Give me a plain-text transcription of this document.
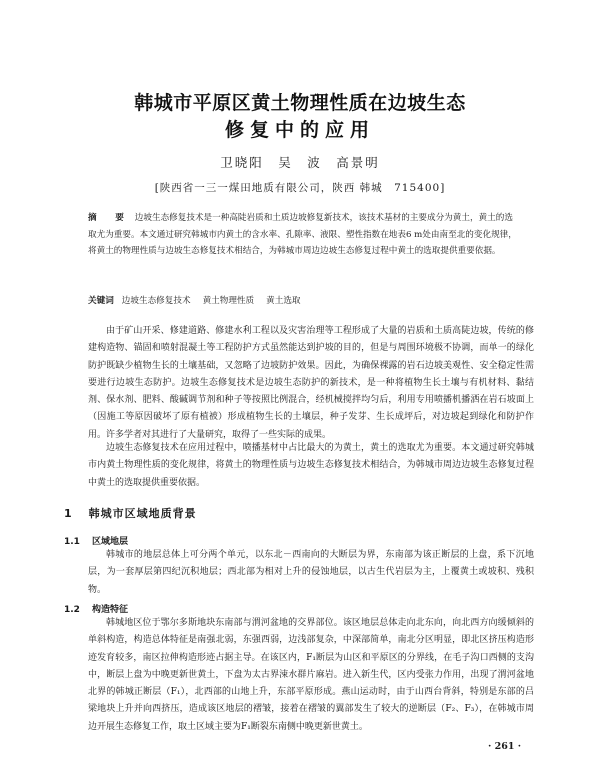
韩城市平原区黄土物理性质在边坡生态
修复中的应用
卫晓阳　吴　波　高景明
[陕西省一三一煤田地质有限公司，陕西 韩城　715400]
摘　要 边坡生态修复技术是一种高陡岩质和土质边坡修复新技术，该技术基材的主要成分为黄土，黄土的选取尤为重要。本文通过研究韩城市内黄土的含水率、孔隙率、液限、塑性指数在地表6 m处由南至北的变化规律，将黄土的物理性质与边坡生态修复技术相结合，为韩城市周边边坡生态修复过程中黄土的选取提供重要依据。
关键词 边坡生态修复技术 黄土物理性质 黄土选取
由于矿山开采、修建道路、修建水利工程以及灾害治理等工程形成了大量的岩质和土质高陡边坡，传统的修建构造物、锚固和喷射混凝土等工程防护方式虽然能达到护坡的目的，但是与周围环境极不协调，而单一的绿化防护既缺少植物生长的土壤基础，又忽略了边坡防护效果。因此，为确保裸露的岩石边坡美观性、安全稳定性需要进行边坡生态防护。边坡生态修复技术是边坡生态防护的新技术，是一种将植物生长土壤与有机材料、黏结剂、保水剂、肥料、酸碱调节剂和种子等按照比例混合，经机械搅拌均匀后，利用专用喷播机播洒在岩石坡面上（因施工等原因破坏了原有植被）形成植物生长的土壤层，种子发芽、生长成坪后，对边坡起到绿化和防护作用。许多学者对其进行了大量研究，取得了一些实际的成果。
边坡生态修复技术在应用过程中，喷播基材中占比最大的为黄土，黄土的选取尤为重要。本文通过研究韩城市内黄土物理性质的变化规律，将黄土的物理性质与边坡生态修复技术相结合，为韩城市周边边坡生态修复过程中黄土的选取提供重要依据。
1 韩城市区域地质背景
1.1 区域地层
韩城市的地层总体上可分两个单元，以东北－西南向的大断层为界，东南部为该正断层的上盘，系下沉地层，为一套厚层第四纪沉积地层；西北部为相对上升的侵蚀地层，以古生代岩层为主，上覆黄土或坡积、残积物。
1.2 构造特征
韩城地区位于鄂尔多斯地块东南部与渭河盆地的交界部位。该区地层总体走向北东向，向北西方向缓倾斜的单斜构造，构造总体特征是南强北弱，东强西弱，边浅部复杂，中深部简单，南北分区明显，即北区挤压构造形迹发育较多，南区拉伸构造形迹占据主导。在该区内，F₁断层为山区和平原区的分界线，在毛子沟口西侧的支沟中，断层上盘为中晚更新世黄土，下盘为太古界涑水群片麻岩。进入新生代，区内受张力作用，出现了渭河盆地北界的韩城正断层（F₁），北西部的山地上升，东部平原形成。燕山运动时，由于山西台背斜，特别是东部的吕梁地块上升并向西挤压，造成该区地层的褶皱，接着在褶皱的翼部发生了较大的逆断层（F₂、F₃），在韩城市周边开展生态修复工作，取土区域主要为F₁断裂东南侧中晚更新世黄土。
· 261 ·
